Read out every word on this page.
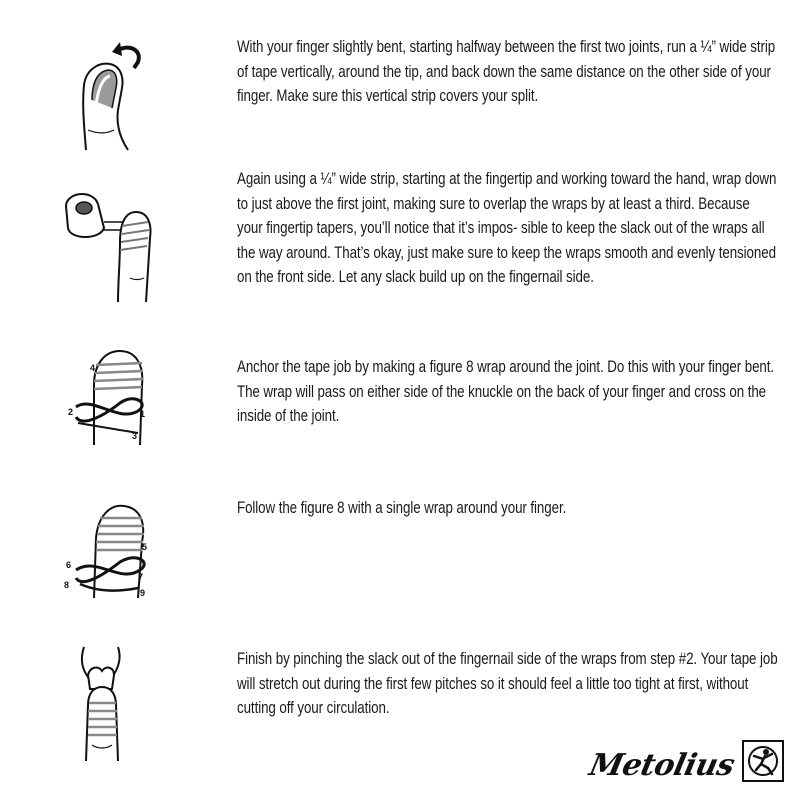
With your finger slightly bent, starting halfway between the first two joints, run a ¼” wide strip of tape vertically, around the tip, and back down the same distance on the other side of your finger. Make sure this vertical strip covers your split.
Again using a ¼” wide strip, starting at the fingertip and working toward the hand, wrap down to just above the first joint, making sure to overlap the wraps by at least a third. Because your fingertip tapers, you’ll notice that it’s impos- sible to keep the slack out of the wraps all the way around. That’s okay, just make sure to keep the wraps smooth and evenly tensioned on the front side. Let any slack build up on the fingernail side.
4
2	1
3
Anchor the tape job by making a figure 8 wrap around the joint. Do this with your finger bent. The wrap will pass on either side of the knuckle on the back of your finger and cross on the inside of the joint.
5
6
7
8
9
Follow the figure 8 with a single wrap around your finger.
Finish by pinching the slack out of the fingernail side of the wraps from step #2. Your tape job will stretch out during the first few pitches so it should feel a little too tight at first, without cutting off your circulation.
Metolius
